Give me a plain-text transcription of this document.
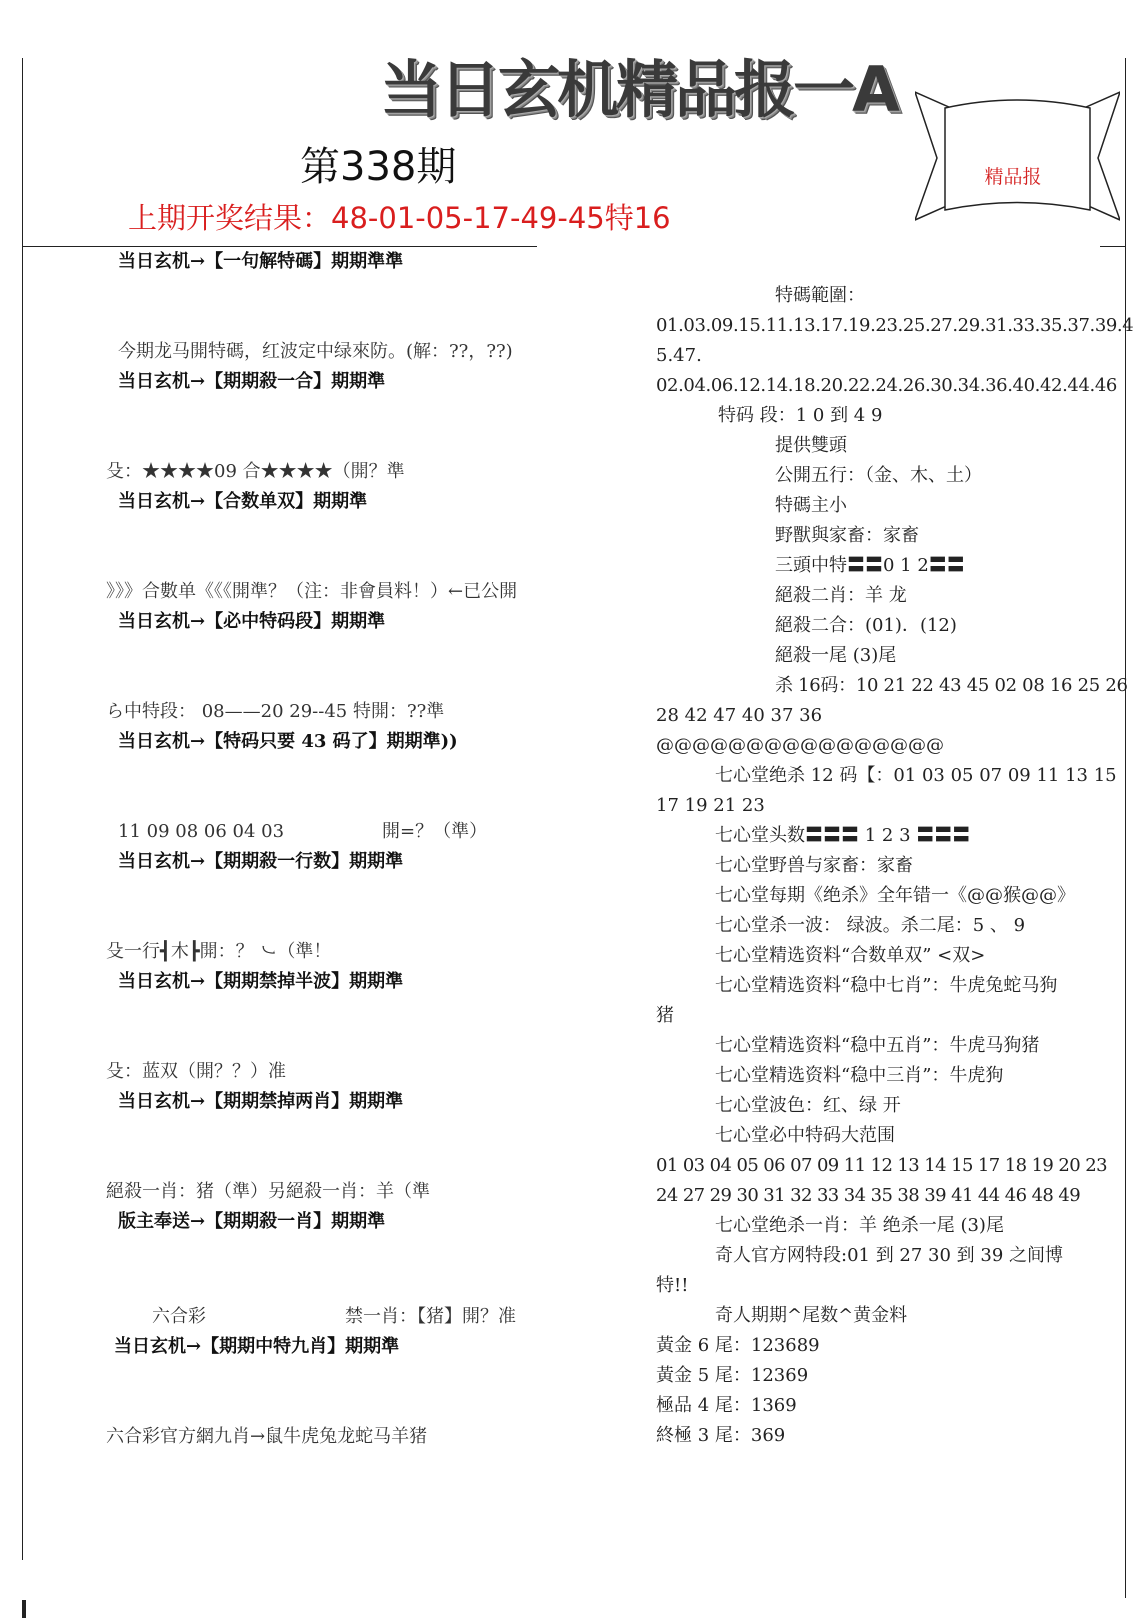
当日玄机精品报一A
精品报
第338期
上期开奖结果：48-01-05-17-49-45特16
当日玄机→【一句解特碼】期期準準
今期龙马開特碼，红波定中绿來防。(解：??，??)
当日玄机→【期期殺一合】期期準
殳：★★★★09 合★★★★（開？準
当日玄机→【合数单双】期期準
》》》合數单《《《開準？（注：非會員料！）←已公開
当日玄机→【必中特码段】期期準
ら中特段： 08——20 29--45 特開：??準
当日玄机→【特码只要 43 码了】期期準))
11 09 08 06 04 03	開=？（準）
当日玄机→【期期殺一行数】期期準
殳一行┫木┣開：？ ㇃（準！
当日玄机→【期期禁掉半波】期期準
殳：蓝双（開？？）准
当日玄机→【期期禁掉两肖】期期準
絕殺一肖：猪（準）另絕殺一肖：羊（準
版主奉送→【期期殺一肖】期期準
六合彩	禁一肖：【猪】開？准
当日玄机→【期期中特九肖】期期準
六合彩官方網九肖→鼠牛虎兔龙蛇马羊猪
特碼範圍：
01.03.09.15.11.13.17.19.23.25.27.29.31.33.35.37.39.4
5.47.
02.04.06.12.14.18.20.22.24.26.30.34.36.40.42.44.46
特码 段：1 0 到 4 9
提供雙頭
公開五行：（金、木、土）
特碼主小
野獸與家畜：家畜
三頭中特〓〓0 1 2〓〓
絕殺二肖：羊 龙
絕殺二合：(01)．(12)
絕殺一尾 (3)尾
杀 16码：10 21 22 43 45 02 08 16 25 26
28 42 47 40 37 36
@@@@@@@@@@@@@@@@
七心堂绝杀 12 码【：01 03 05 07 09 11 13 15
17 19 21 23
七心堂头数〓〓〓 1 2 3 〓〓〓
七心堂野兽与家畜：家畜
七心堂每期《绝杀》全年错一《@@猴@@》
七心堂杀一波： 绿波。杀二尾：5 、 9
七心堂精选资料“合数单双” <双>
七心堂精选资料“稳中七肖”：牛虎兔蛇马狗
猪
七心堂精选资料“稳中五肖”：牛虎马狗猪
七心堂精选资料“稳中三肖”：牛虎狗
七心堂波色：红、绿 开
七心堂必中特码大范围
01 03 04 05 06 07 09 11 12 13 14 15 17 18 19 20 23
24 27 29 30 31 32 33 34 35 38 39 41 44 46 48 49
七心堂绝杀一肖：羊 绝杀一尾 (3)尾
奇人官方网特段:01 到 27 30 到 39 之间博
特!!
奇人期期^尾数^黄金料
黃金 6 尾：123689
黃金 5 尾：12369
極品 4 尾：1369
終極 3 尾：369
